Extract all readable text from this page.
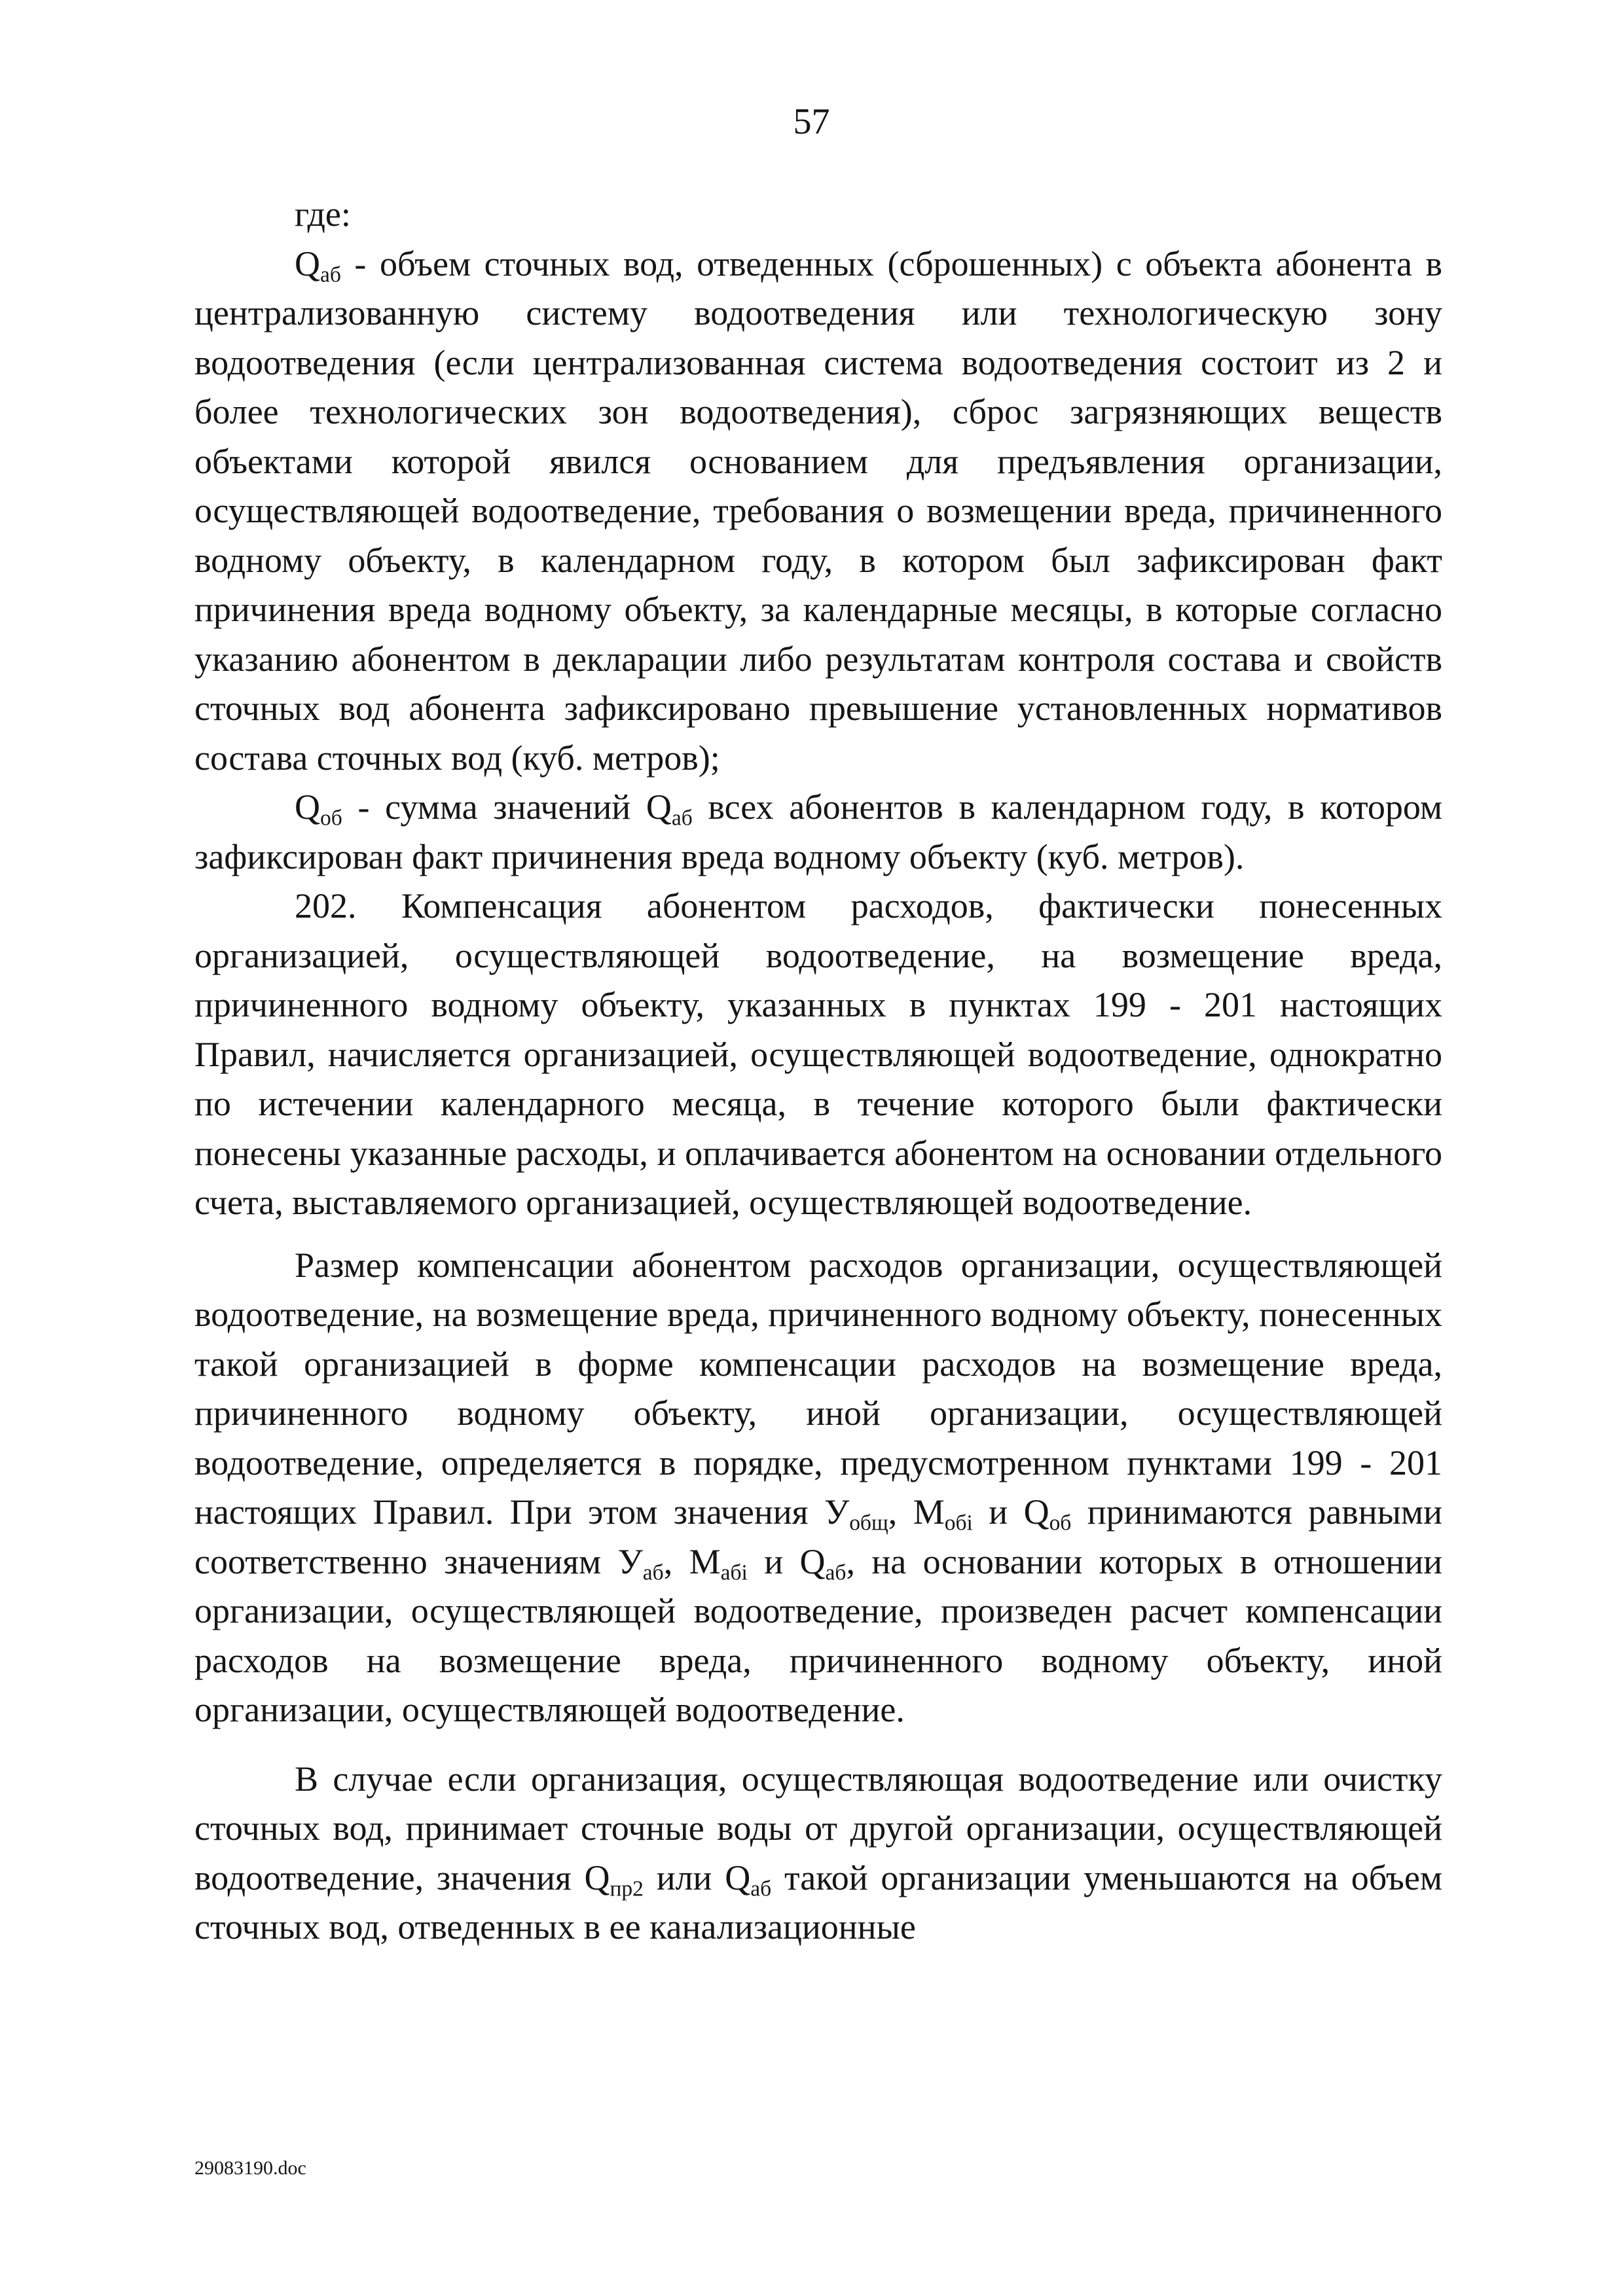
57

где:

$Q_{аб}$ - объем сточных вод, отведенных (сброшенных) с объекта абонента в централизованную систему водоотведения или технологическую зону водоотведения (если централизованная система водоотведения состоит из 2 и более технологических зон водоотведения), сброс загрязняющих веществ объектами которой явился основанием для предъявления организации, осуществляющей водоотведение, требования о возмещении вреда, причиненного водному объекту, в календарном году, в котором был зафиксирован факт причинения вреда водному объекту, за календарные месяцы, в которые согласно указанию абонентом в декларации либо результатам контроля состава и свойств сточных вод абонента зафиксировано превышение установленных нормативов состава сточных вод (куб. метров);

$Q_{об}$ - сумма значений $Q_{аб}$ всех абонентов в календарном году, в котором зафиксирован факт причинения вреда водному объекту (куб. метров).

202. Компенсация абонентом расходов, фактически понесенных организацией, осуществляющей водоотведение, на возмещение вреда, причиненного водному объекту, указанных в пунктах 199 - 201 настоящих Правил, начисляется организацией, осуществляющей водоотведение, однократно по истечении календарного месяца, в течение которого были фактически понесены указанные расходы, и оплачивается абонентом на основании отдельного счета, выставляемого организацией, осуществляющей водоотведение.

Размер компенсации абонентом расходов организации, осуществляющей водоотведение, на возмещение вреда, причиненного водному объекту, понесенных такой организацией в форме компенсации расходов на возмещение вреда, причиненного водному объекту, иной организации, осуществляющей водоотведение, определяется в порядке, предусмотренном пунктами 199 - 201 настоящих Правил. При этом значения $У_{общ}$, $М_{обi}$ и $Q_{об}$ принимаются равными соответственно значениям $У_{аб}$, $М_{абi}$ и $Q_{аб}$, на основании которых в отношении организации, осуществляющей водоотведение, произведен расчет компенсации расходов на возмещение вреда, причиненного водному объекту, иной организации, осуществляющей водоотведение.

В случае если организация, осуществляющая водоотведение или очистку сточных вод, принимает сточные воды от другой организации, осуществляющей водоотведение, значения $Q_{пр2}$ или $Q_{аб}$ такой организации уменьшаются на объем сточных вод, отведенных в ее канализационные

29083190.doc
